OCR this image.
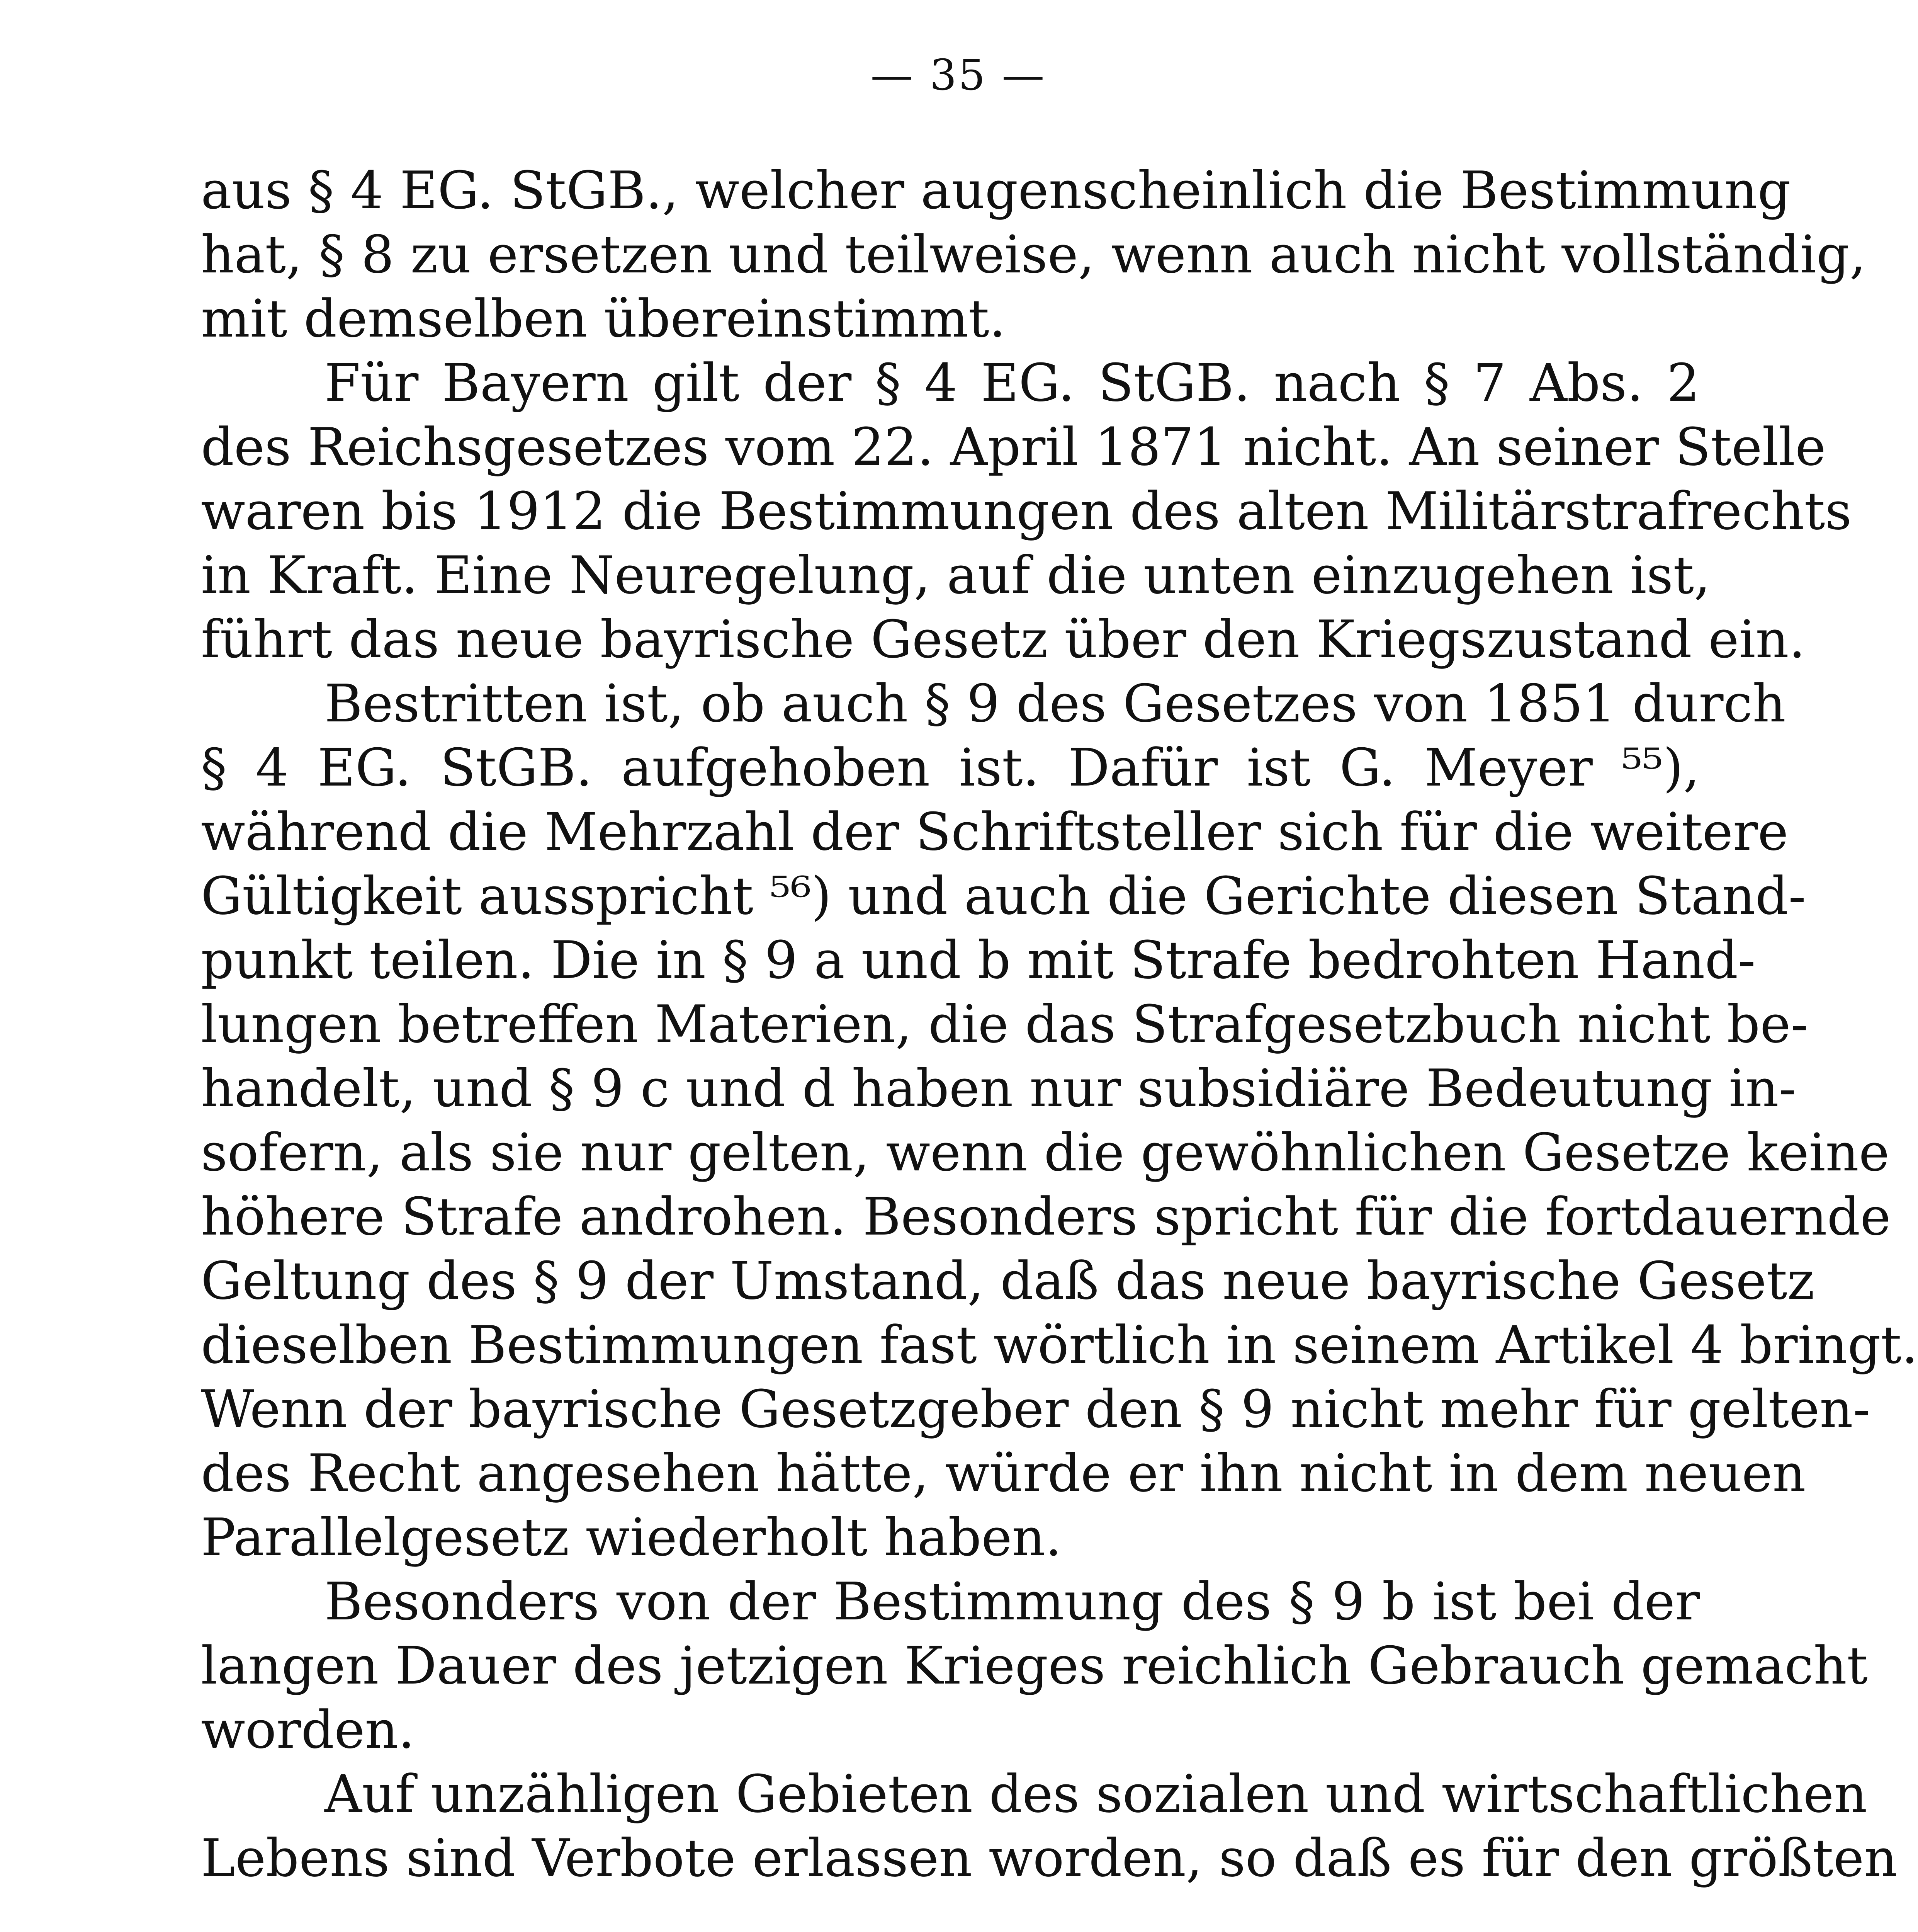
— 35 —
aus § 4 EG. StGB., welcher augenscheinlich die Bestimmung
hat, § 8 zu ersetzen und teilweise, wenn auch nicht vollständig,
mit demselben übereinstimmt.
Für Bayern gilt der § 4 EG. StGB. nach § 7 Abs. 2
des Reichsgesetzes vom 22. April 1871 nicht. An seiner Stelle
waren bis 1912 die Bestimmungen des alten Militärstrafrechts
in Kraft. Eine Neuregelung, auf die unten einzugehen ist,
führt das neue bayrische Gesetz über den Kriegszustand ein.
Bestritten ist, ob auch § 9 des Gesetzes von 1851 durch
§ 4 EG. StGB. aufgehoben ist. Dafür ist G. Meyer ⁵⁵),
während die Mehrzahl der Schriftsteller sich für die weitere
Gültigkeit ausspricht ⁵⁶) und auch die Gerichte diesen Stand-
punkt teilen. Die in § 9 a und b mit Strafe bedrohten Hand-
lungen betreffen Materien, die das Strafgesetzbuch nicht be-
handelt, und § 9 c und d haben nur subsidiäre Bedeutung in-
sofern, als sie nur gelten, wenn die gewöhnlichen Gesetze keine
höhere Strafe androhen. Besonders spricht für die fortdauernde
Geltung des § 9 der Umstand, daß das neue bayrische Gesetz
dieselben Bestimmungen fast wörtlich in seinem Artikel 4 bringt.
Wenn der bayrische Gesetzgeber den § 9 nicht mehr für gelten-
des Recht angesehen hätte, würde er ihn nicht in dem neuen
Parallelgesetz wiederholt haben.
Besonders von der Bestimmung des § 9 b ist bei der
langen Dauer des jetzigen Krieges reichlich Gebrauch gemacht
worden.
Auf unzähligen Gebieten des sozialen und wirtschaftlichen
Lebens sind Verbote erlassen worden, so daß es für den größten
